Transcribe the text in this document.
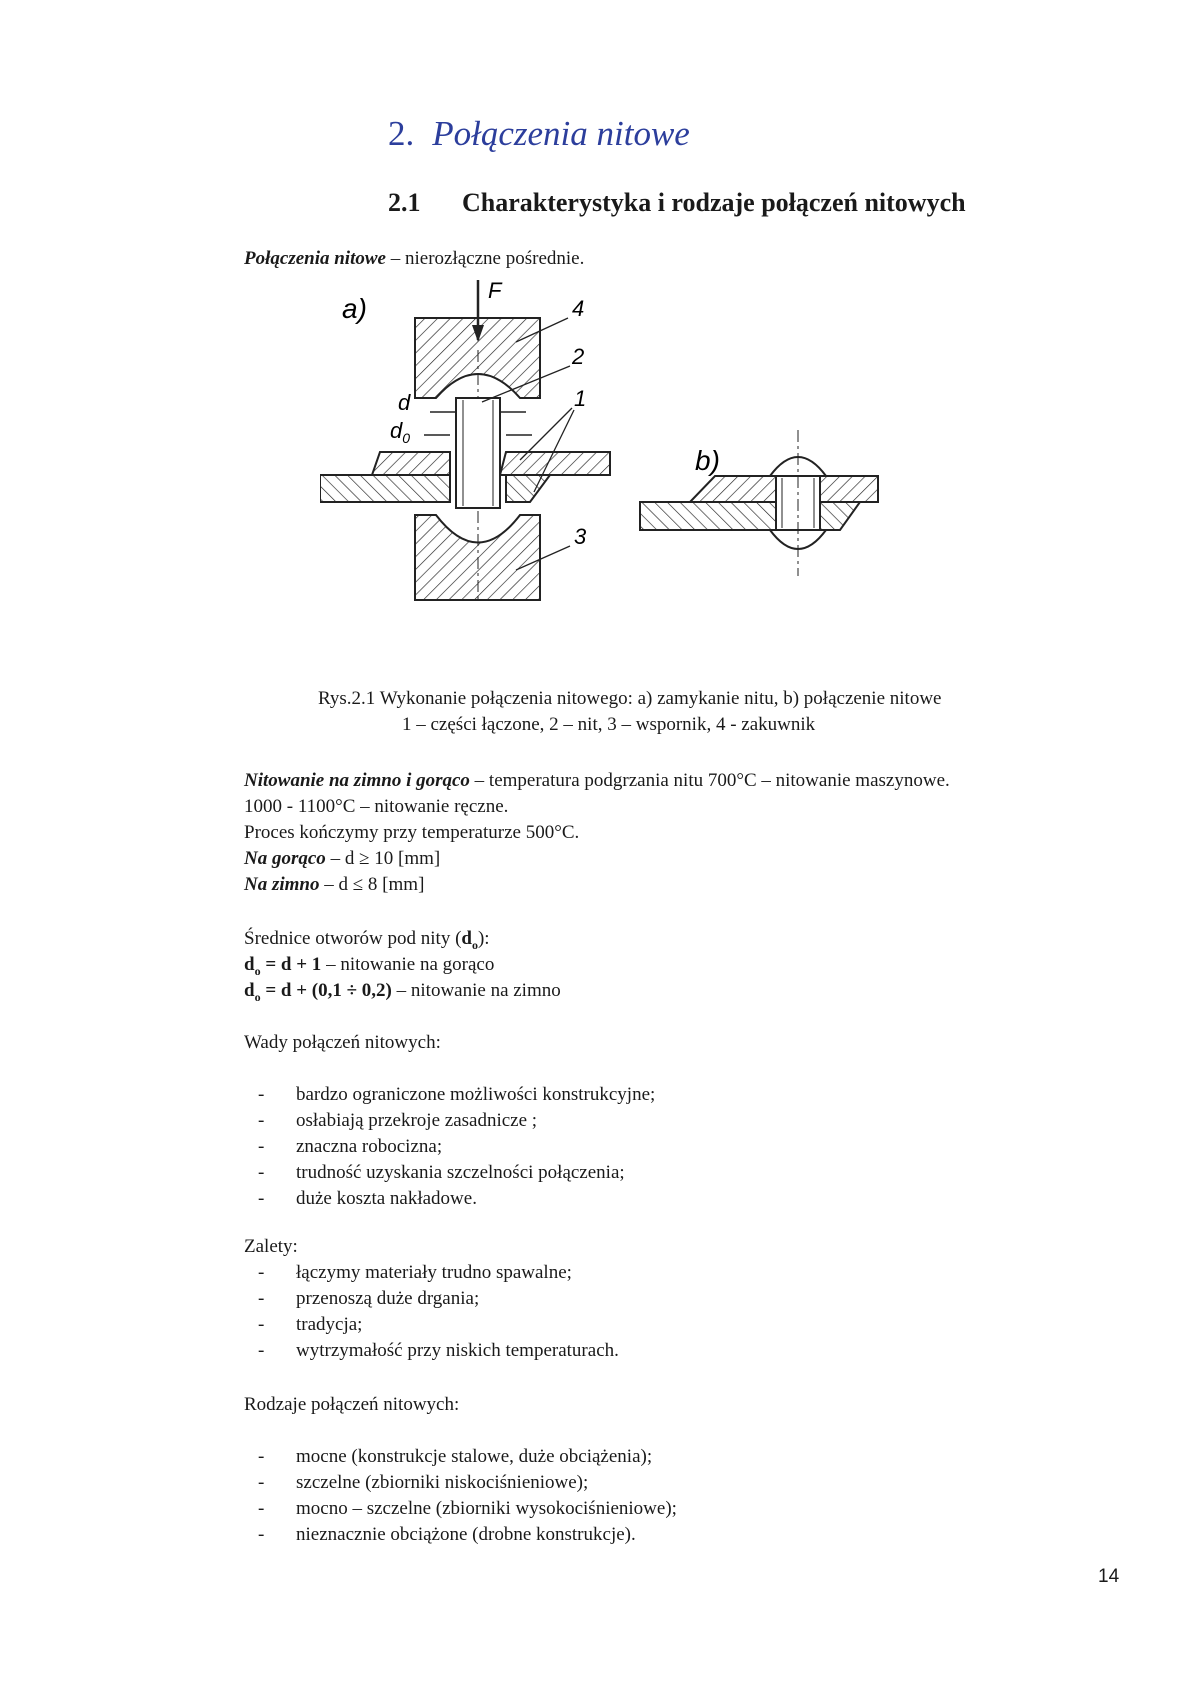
2. Połączenia nitowe
2.1 Charakterystyka i rodzaje połączeń nitowych
Połączenia nitowe – nierozłączne pośrednie.
a)
F
d
$d_0$
4
2
1
3
b)
Rys.2.1 Wykonanie połączenia nitowego: a) zamykanie nitu, b) połączenie nitowe
1 – części łączone, 2 – nit, 3 – wspornik, 4 - zakuwnik
Nitowanie na zimno i gorąco – temperatura podgrzania nitu 700°C – nitowanie maszynowe.
1000 - 1100°C – nitowanie ręczne.
Proces kończymy przy temperaturze 500°C.
Na gorąco – d ≥ 10 [mm]
Na zimno – d ≤ 8 [mm]
Średnice otworów pod nity $(d_o)$:
$d_o = d + 1$ – nitowanie na gorąco
$d_o = d + (0,1 \div 0,2)$ – nitowanie na zimno
Wady połączeń nitowych:
- bardzo ograniczone możliwości konstrukcyjne;
- osłabiają przekroje zasadnicze ;
- znaczna robocizna;
- trudność uzyskania szczelności połączenia;
- duże koszta nakładowe.
Zalety:
- łączymy materiały trudno spawalne;
- przenoszą duże drgania;
- tradycja;
- wytrzymałość przy niskich temperaturach.
Rodzaje połączeń nitowych:
- mocne (konstrukcje stalowe, duże obciążenia);
- szczelne (zbiorniki niskociśnieniowe);
- mocno – szczelne (zbiorniki wysokociśnieniowe);
- nieznacznie obciążone (drobne konstrukcje).
14
